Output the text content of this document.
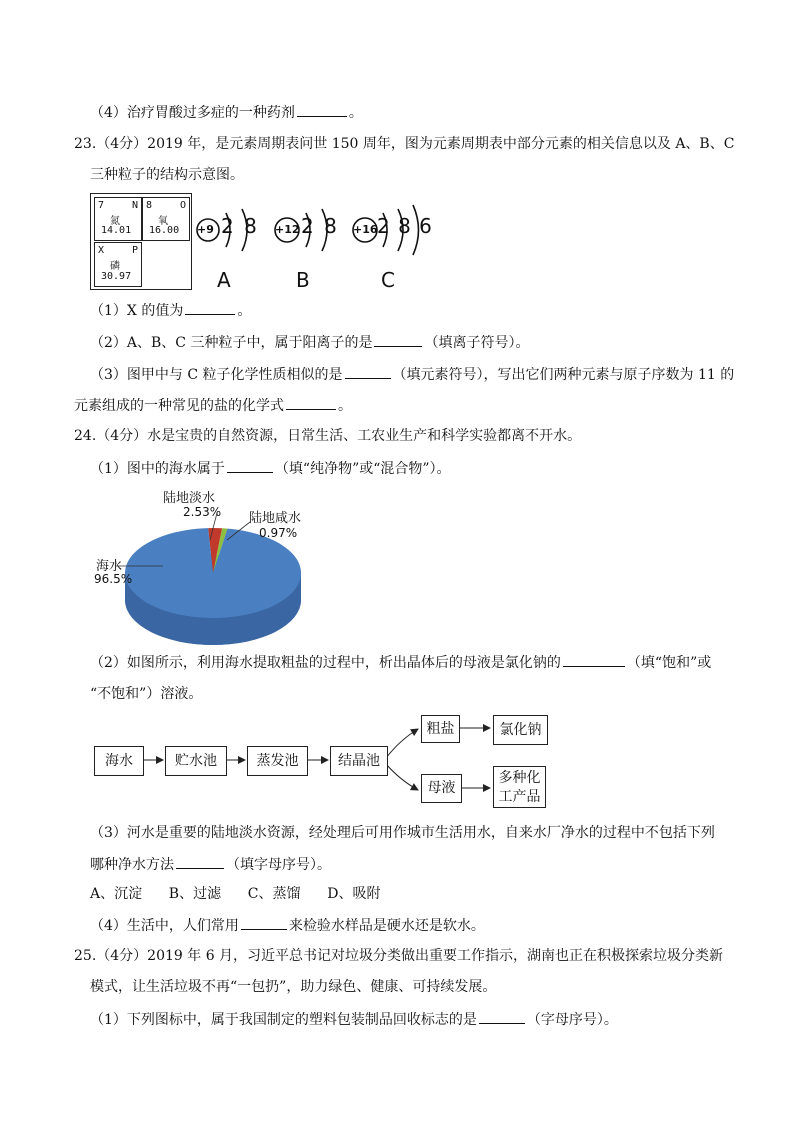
（4）治疗胃酸过多症的一种药剂	。
23.（4分）2019 年，是元素周期表问世 150 周年，图为元素周期表中部分元素的相关信息以及 A、B、C
三种粒子的结构示意图。
7	N
氮
14.01
8	O
氧
16.00
X	P
磷
30.97
+9 2 8
A
+12 2 8
B
+16 2 8 6
C
（1）X 的值为	。
（2）A、B、C 三种粒子中，属于阳离子的是	（填离子符号）。
（3）图甲中与 C 粒子化学性质相似的是	（填元素符号），写出它们两种元素与原子序数为 11 的
元素组成的一种常见的盐的化学式	。
24.（4分）水是宝贵的自然资源，日常生活、工农业生产和科学实验都离不开水。
（1）图中的海水属于	（填“纯净物”或“混合物”）。
陆地淡水
2.53% 陆地咸水
0.97%
海水
96.5%
（2）如图所示，利用海水提取粗盐的过程中，析出晶体后的母液是氯化钠的	（填“饱和”或
“不饱和”）溶液。
海水	贮水池	蒸发池	结晶池
粗盐	氯化钠
母液
多种化
工产品
（3）河水是重要的陆地淡水资源，经处理后可用作城市生活用水，自来水厂净水的过程中不包括下列
哪种净水方法	（填字母序号）。
A、沉淀      B、过滤      C、蒸馏      D、吸附
（4）生活中，人们常用	来检验水样品是硬水还是软水。
25.（4分）2019 年 6 月，习近平总书记对垃圾分类做出重要工作指示，湖南也正在积极探索垃圾分类新
模式，让生活垃圾不再“一包扔”，助力绿色、健康、可持续发展。
（1）下列图标中，属于我国制定的塑料包装制品回收标志的是	（字母序号）。
